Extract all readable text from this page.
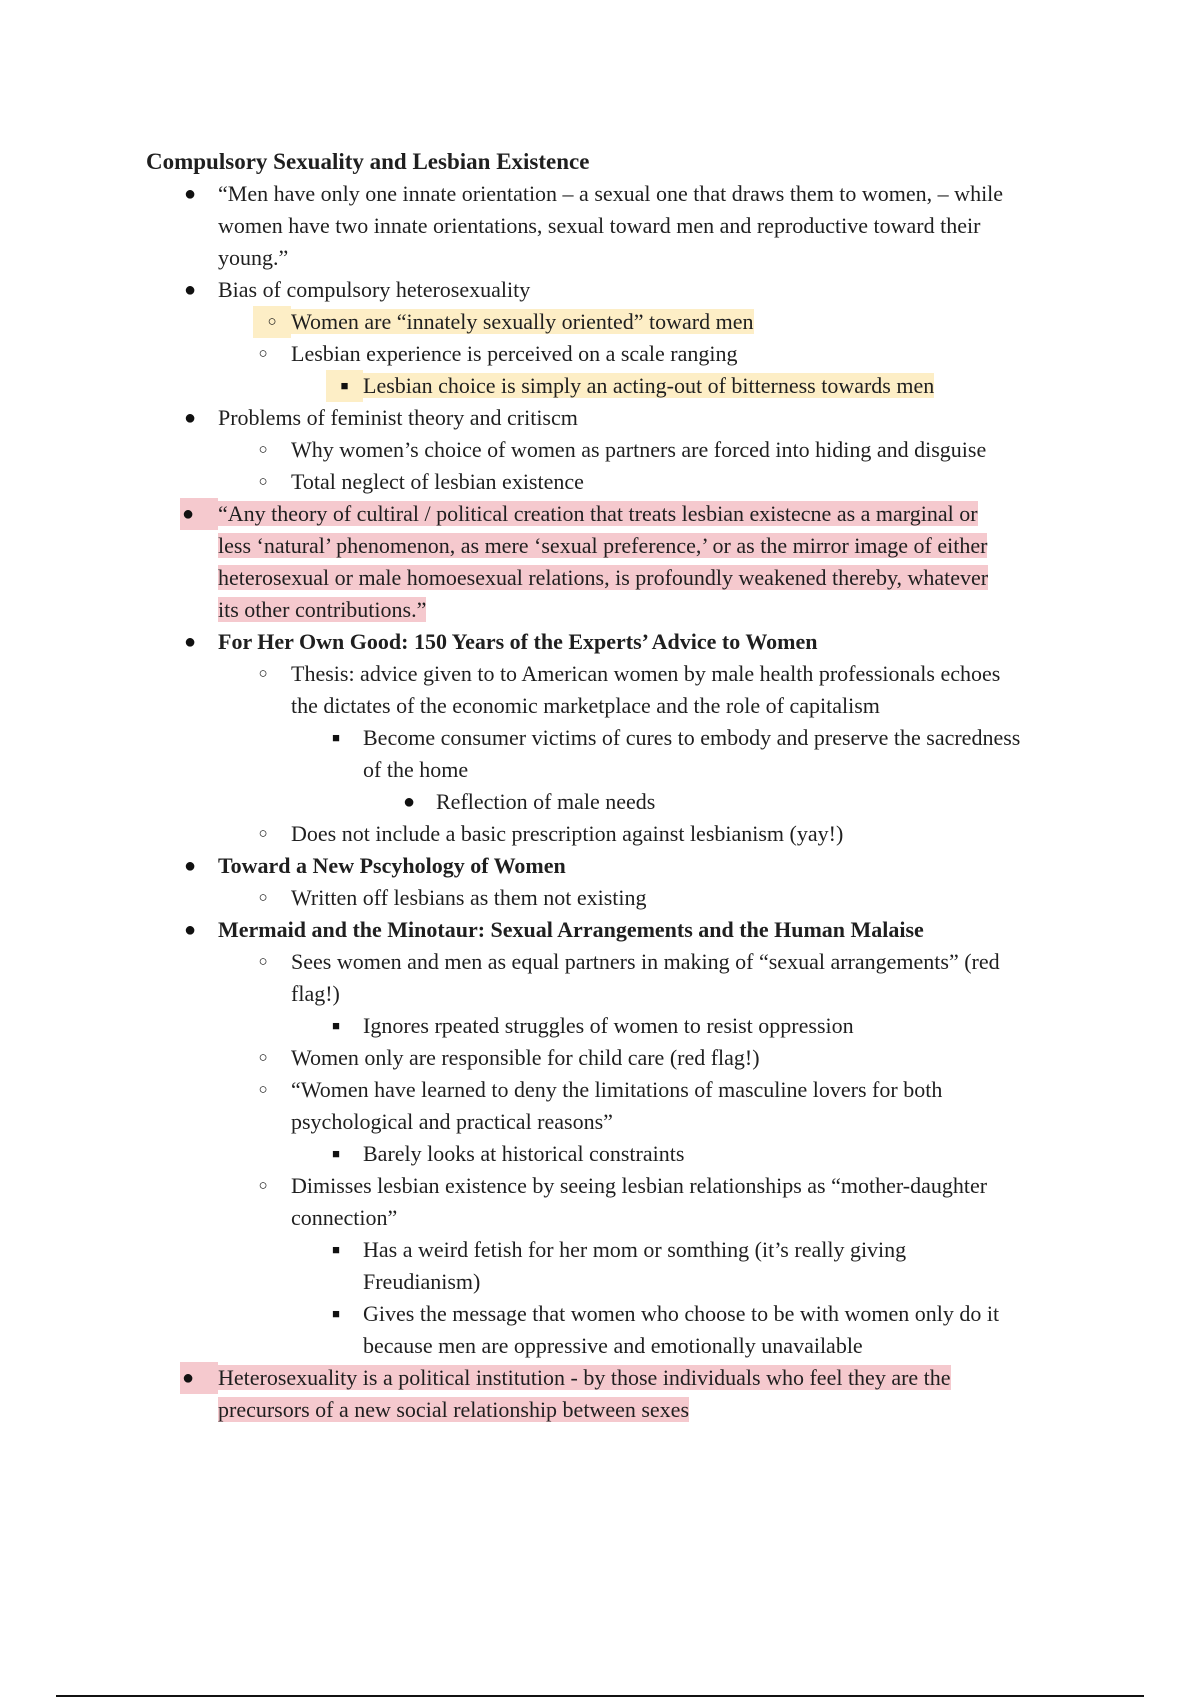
Compulsory Sexuality and Lesbian Existence
● “Men have only one innate orientation – a sexual one that draws them to women, – while
women have two innate orientations, sexual toward men and reproductive toward their
young.”
● Bias of compulsory heterosexuality
○ Women are “innately sexually oriented” toward men
○ Lesbian experience is perceived on a scale ranging
■ Lesbian choice is simply an acting-out of bitterness towards men
● Problems of feminist theory and critiscm
○ Why women’s choice of women as partners are forced into hiding and disguise
○ Total neglect of lesbian existence
●	“Any theory of cultiral / political creation that treats lesbian existecne as a marginal or
less ‘natural’ phenomenon, as mere ‘sexual preference,’ or as the mirror image of either
heterosexual or male homoesexual relations, is profoundly weakened thereby, whatever
its other contributions.”
● For Her Own Good: 150 Years of the Experts’ Advice to Women
○ Thesis: advice given to to American women by male health professionals echoes
the dictates of the economic marketplace and the role of capitalism
■ Become consumer victims of cures to embody and preserve the sacredness
of the home
● Reflection of male needs
○ Does not include a basic prescription against lesbianism (yay!)
● Toward a New Pscyhology of Women
○ Written off lesbians as them not existing
● Mermaid and the Minotaur: Sexual Arrangements and the Human Malaise
○ Sees women and men as equal partners in making of “sexual arrangements” (red
flag!)
■ Ignores rpeated struggles of women to resist oppression
○ Women only are responsible for child care (red flag!)
○ “Women have learned to deny the limitations of masculine lovers for both
psychological and practical reasons”
■ Barely looks at historical constraints
○ Dimisses lesbian existence by seeing lesbian relationships as “mother-daughter
connection”
■ Has a weird fetish for her mom or somthing (it’s really giving
Freudianism)
■ Gives the message that women who choose to be with women only do it
because men are oppressive and emotionally unavailable
●	Heterosexuality is a political institution - by those individuals who feel they are the
precursors of a new social relationship between sexes
